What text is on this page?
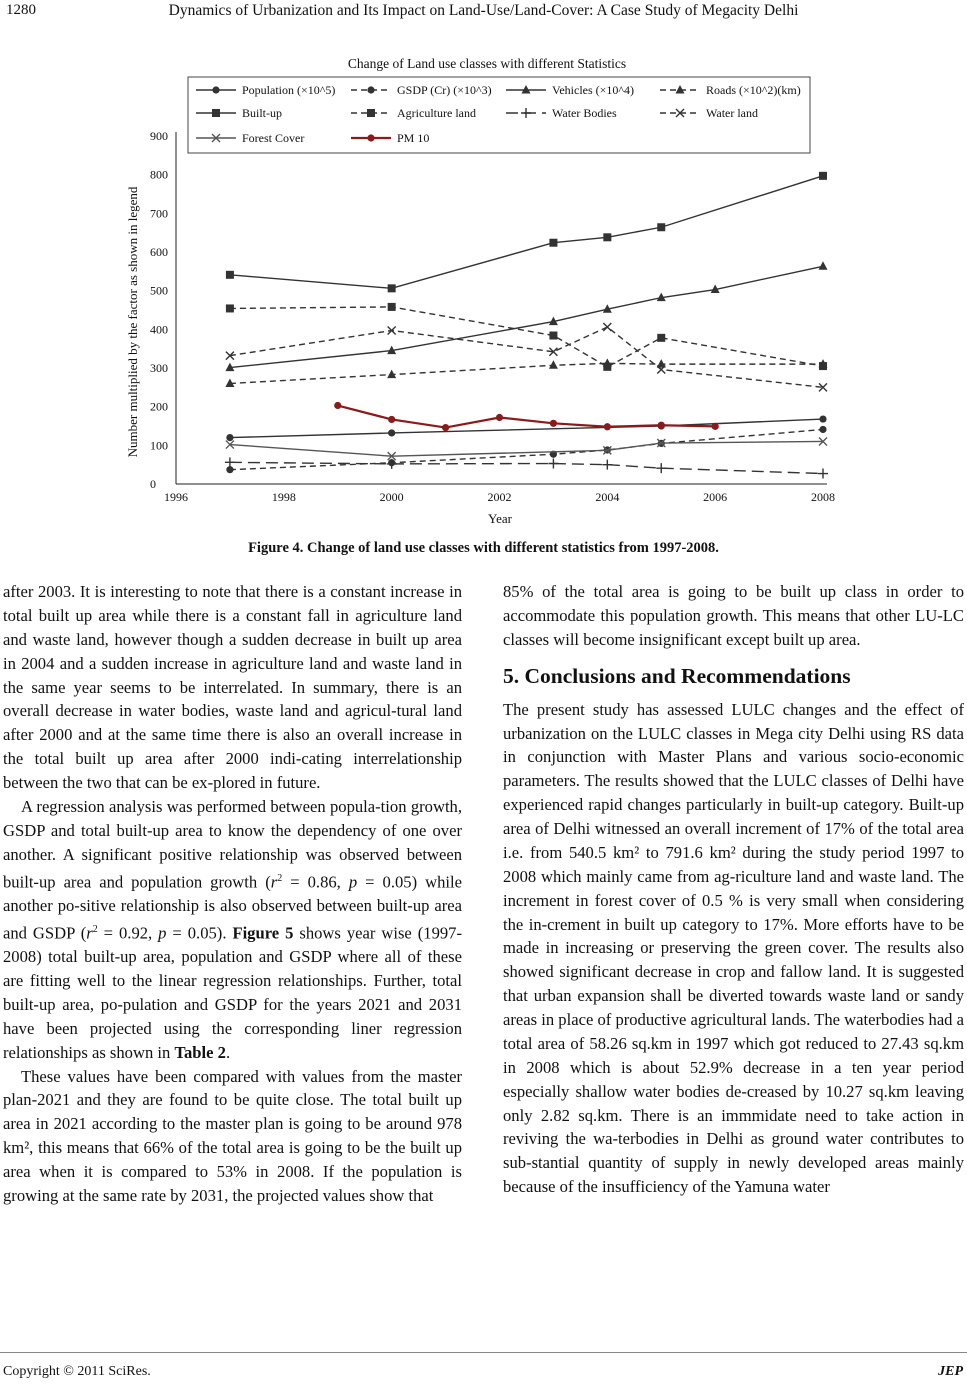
1280	Dynamics of Urbanization and Its Impact on Land-Use/Land-Cover: A Case Study of Megacity Delhi
Change of Land use classes with different Statistics
1996	1998	2000	2002	2004	2006	2008
0
100
200
300
400
500
600
700
800
900
Year
Number multiplied by the factor as shown in legend
Population (×10^5)	GSDP (Cr) (×10^3)	Vehicles (×10^4)	Roads (×10^2)(km)
Built-up	Agriculture land	Water Bodies	Water land
Forest Cover	PM 10
Figure 4. Change of land use classes with different statistics from 1997-2008.

after 2003. It is interesting to note that there is a constant increase in total built up area while there is a constant fall in agriculture land and waste land, however though a sudden decrease in built up area in 2004 and a sudden increase in agriculture land and waste land in the same year seems to be interrelated. In summary, there is an overall decrease in water bodies, waste land and agricul-tural land after 2000 and at the same time there is also an overall increase in the total built up area after 2000 indi-cating interrelationship between the two that can be ex-plored in future.

A regression analysis was performed between popula-tion growth, GSDP and total built-up area to know the dependency of one over another. A significant positive relationship was observed between built-up area and population growth ($r^2 = 0.86$, p = 0.05) while another po-sitive relationship is also observed between built-up area and GSDP ($r^2 = 0.92$, p = 0.05). Figure 5 shows year wise (1997-2008) total built-up area, population and GSDP where all of these are fitting well to the linear regression relationships. Further, total built-up area, po-pulation and GSDP for the years 2021 and 2031 have been projected using the corresponding liner regression relationships as shown in Table 2.

These values have been compared with values from the master plan-2021 and they are found to be quite close. The total built up area in 2021 according to the master plan is going to be around 978 km², this means that 66% of the total area is going to be the built up area when it is compared to 53% in 2008. If the population is growing at the same rate by 2031, the projected values show that

85% of the total area is going to be built up class in order to accommodate this population growth. This means that other LU-LC classes will become insignificant except built up area.

5. Conclusions and Recommendations

The present study has assessed LULC changes and the effect of urbanization on the LULC classes in Mega city Delhi using RS data in conjunction with Master Plans and various socio-economic parameters. The results showed that the LULC classes of Delhi have experienced rapid changes particularly in built-up category. Built-up area of Delhi witnessed an overall increment of 17% of the total area i.e. from 540.5 km² to 791.6 km² during the study period 1997 to 2008 which mainly came from ag-riculture land and waste land. The increment in forest cover of 0.5 % is very small when considering the in-crement in built up category to 17%. More efforts have to be made in increasing or preserving the green cover. The results also showed significant decrease in crop and fallow land. It is suggested that urban expansion shall be diverted towards waste land or sandy areas in place of productive agricultural lands. The waterbodies had a total area of 58.26 sq.km in 1997 which got reduced to 27.43 sq.km in 2008 which is about 52.9% decrease in a ten year period especially shallow water bodies de-creased by 10.27 sq.km leaving only 2.82 sq.km. There is an immmidate need to take action in reviving the wa-terbodies in Delhi as ground water contributes to sub-stantial quantity of supply in newly developed areas mainly because of the insufficiency of the Yamuna water

Copyright © 2011 SciRes.	JEP
